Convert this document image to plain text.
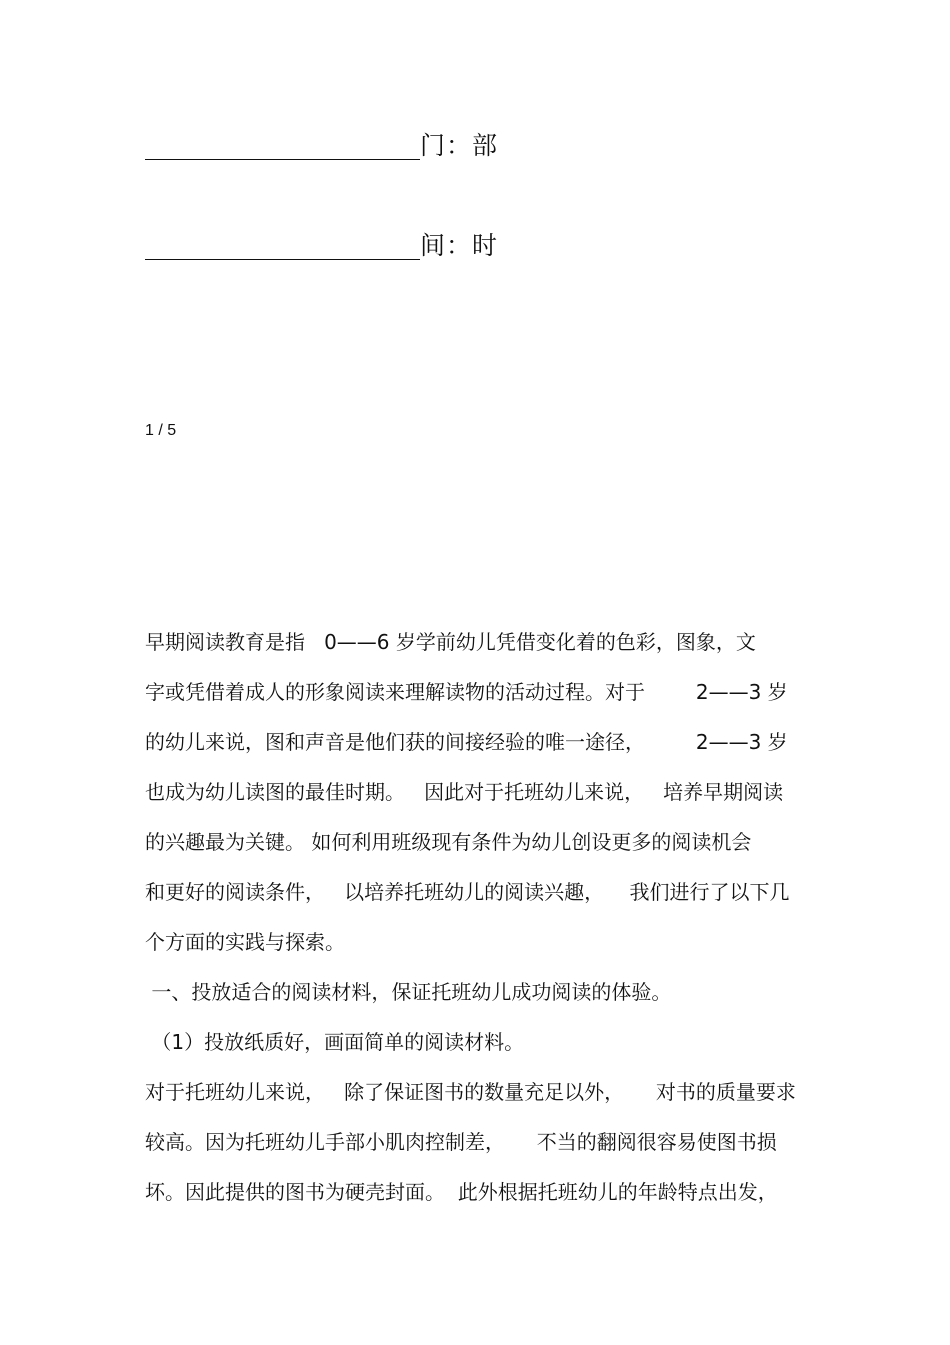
门：部
间：时
1 / 5
早期阅读教育是指   0——6 岁学前幼儿凭借变化着的色彩，图象，文
字或凭借着成人的形象阅读来理解读物的活动过程。对于        2——3 岁
的幼儿来说，图和声音是他们获的间接经验的唯一途径，        2——3 岁
也成为幼儿读图的最佳时期。   因此对于托班幼儿来说，   培养早期阅读
的兴趣最为关键。 如何利用班级现有条件为幼儿创设更多的阅读机会
和更好的阅读条件，   以培养托班幼儿的阅读兴趣，    我们进行了以下几
个方面的实践与探索。
一、投放适合的阅读材料，保证托班幼儿成功阅读的体验。
（1）投放纸质好，画面简单的阅读材料。
对于托班幼儿来说，   除了保证图书的数量充足以外，     对书的质量要求
较高。因为托班幼儿手部小肌肉控制差，     不当的翻阅很容易使图书损
坏。因此提供的图书为硬壳封面。  此外根据托班幼儿的年龄特点出发，
